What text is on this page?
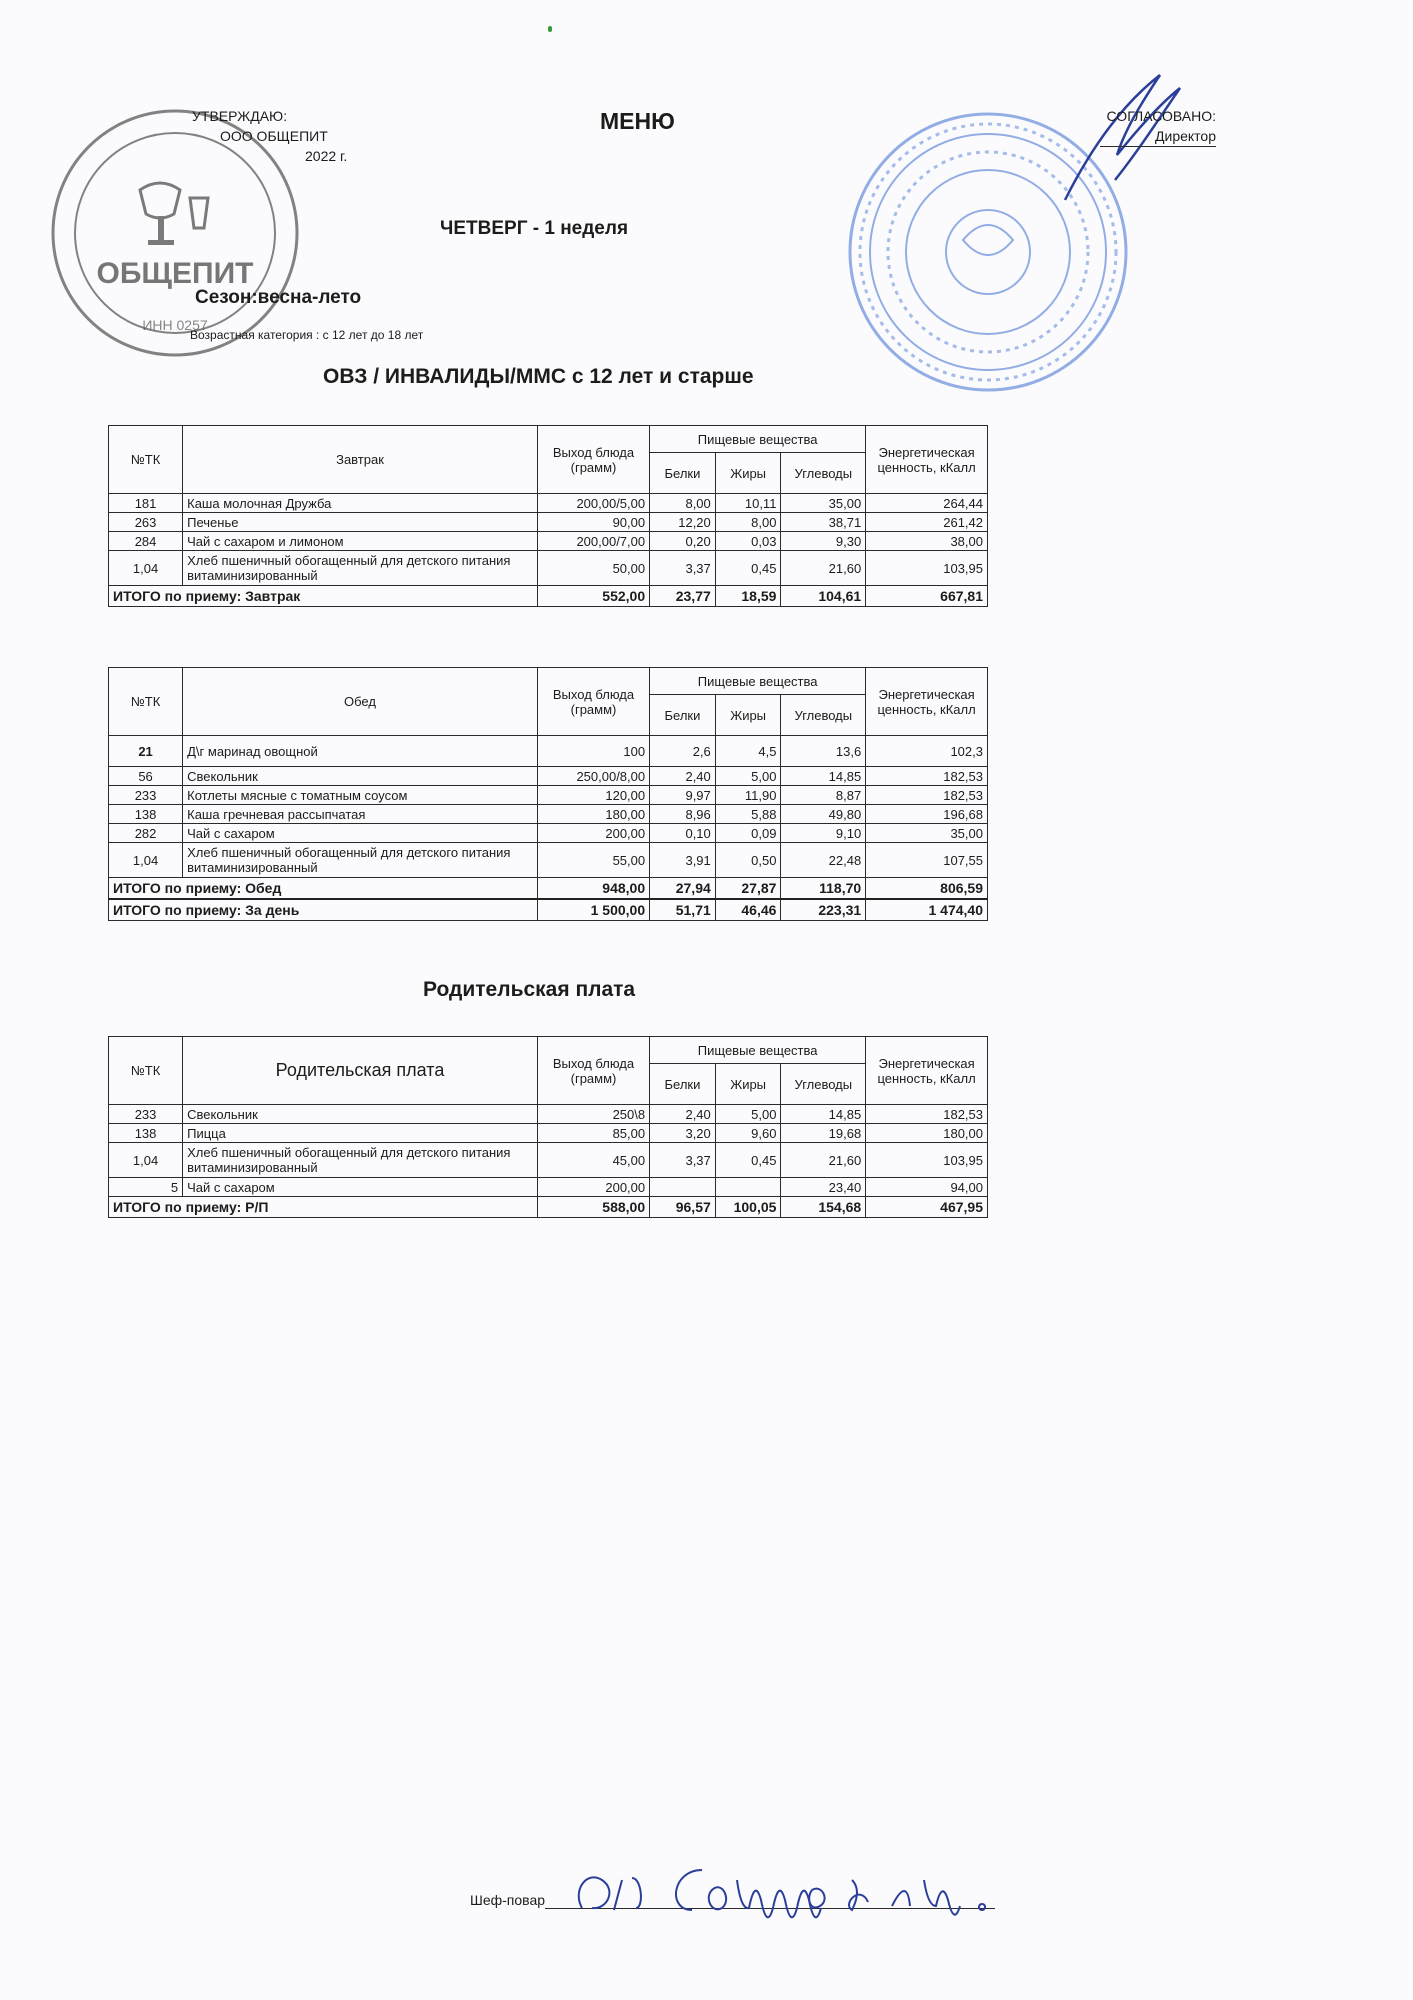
ОБЩЕПИТ
ИНН 0257
УТВЕРЖДАЮ:
ООО ОБЩЕПИТ
2022 г.
СОГЛАСОВАНО:
Директор
МЕНЮ
ЧЕТВЕРГ - 1 неделя
Сезон:весна-лето
Возрастная категория : с 12 лет до 18 лет
ОВЗ / ИНВАЛИДЫ/ММС с 12 лет и старше
№ТК	Завтрак	Выход блюда (грамм)	Пищевые вещества			Энергетическая ценность, кКалл
			Белки	Жиры	Углеводы	
181	Каша молочная Дружба	200,00/5,00	8,00	10,11	35,00	264,44
263	Печенье	90,00	12,20	8,00	38,71	261,42
284	Чай с сахаром и лимоном	200,00/7,00	0,20	0,03	9,30	38,00
1,04	Хлеб пшеничный обогащенный для детского питания витаминизированный	50,00	3,37	0,45	21,60	103,95
ИТОГО по приему: Завтрак		552,00	23,77	18,59	104,61	667,81
№ТК	Обед	Выход блюда (грамм)	Пищевые вещества			Энергетическая ценность, кКалл
			Белки	Жиры	Углеводы	
21	Д\г маринад овощной	100	2,6	4,5	13,6	102,3
56	Свекольник	250,00/8,00	2,40	5,00	14,85	182,53
233	Котлеты мясные с томатным соусом	120,00	9,97	11,90	8,87	182,53
138	Каша гречневая рассыпчатая	180,00	8,96	5,88	49,80	196,68
282	Чай с сахаром	200,00	0,10	0,09	9,10	35,00
1,04	Хлеб пшеничный обогащенный для детского питания витаминизированный	55,00	3,91	0,50	22,48	107,55
ИТОГО по приему: Обед		948,00	27,94	27,87	118,70	806,59
ИТОГО по приему: За день		1 500,00	51,71	46,46	223,31	1 474,40
Родительская плата
№ТК	Родительская плата	Выход блюда (грамм)	Пищевые вещества			Энергетическая ценность, кКалл
			Белки	Жиры	Углеводы	
233	Свекольник	250\8	2,40	5,00	14,85	182,53
138	Пицца	85,00	3,20	9,60	19,68	180,00
1,04	Хлеб пшеничный обогащенный для детского питания витаминизированный	45,00	3,37	0,45	21,60	103,95
5	Чай с сахаром	200,00			23,40	94,00
ИТОГО по приему: Р/П		588,00	96,57	100,05	154,68	467,95
Шеф-повар
